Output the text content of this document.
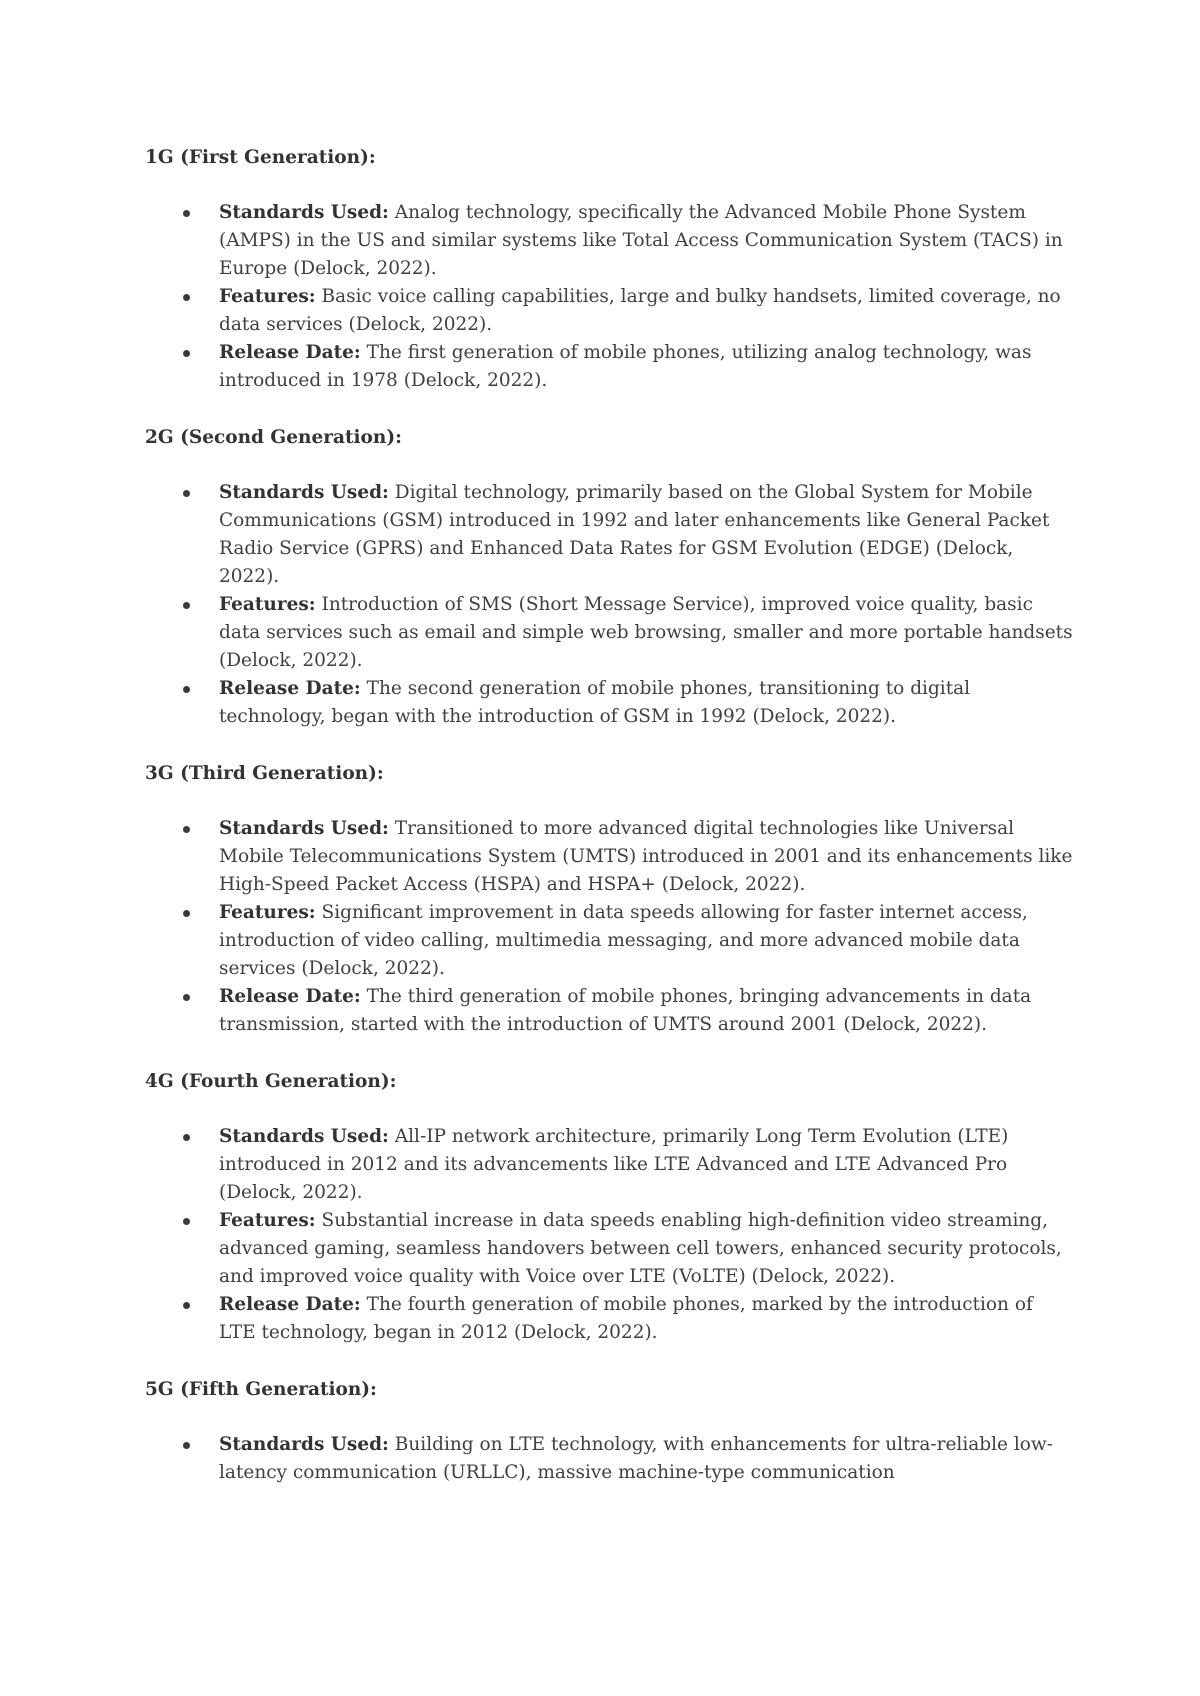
1G (First Generation):

Standards Used: Analog technology, specifically the Advanced Mobile Phone System (AMPS) in the US and similar systems like Total Access Communication System (TACS) in Europe (Delock, 2022).
Features: Basic voice calling capabilities, large and bulky handsets, limited coverage, no data services (Delock, 2022).
Release Date: The first generation of mobile phones, utilizing analog technology, was introduced in 1978 (Delock, 2022).

2G (Second Generation):

Standards Used: Digital technology, primarily based on the Global System for Mobile Communications (GSM) introduced in 1992 and later enhancements like General Packet Radio Service (GPRS) and Enhanced Data Rates for GSM Evolution (EDGE) (Delock, 2022).
Features: Introduction of SMS (Short Message Service), improved voice quality, basic data services such as email and simple web browsing, smaller and more portable handsets (Delock, 2022).
Release Date: The second generation of mobile phones, transitioning to digital technology, began with the introduction of GSM in 1992 (Delock, 2022).

3G (Third Generation):

Standards Used: Transitioned to more advanced digital technologies like Universal Mobile Telecommunications System (UMTS) introduced in 2001 and its enhancements like High-Speed Packet Access (HSPA) and HSPA+ (Delock, 2022).
Features: Significant improvement in data speeds allowing for faster internet access, introduction of video calling, multimedia messaging, and more advanced mobile data services (Delock, 2022).
Release Date: The third generation of mobile phones, bringing advancements in data transmission, started with the introduction of UMTS around 2001 (Delock, 2022).

4G (Fourth Generation):

Standards Used: All-IP network architecture, primarily Long Term Evolution (LTE) introduced in 2012 and its advancements like LTE Advanced and LTE Advanced Pro (Delock, 2022).
Features: Substantial increase in data speeds enabling high-definition video streaming, advanced gaming, seamless handovers between cell towers, enhanced security protocols, and improved voice quality with Voice over LTE (VoLTE) (Delock, 2022).
Release Date: The fourth generation of mobile phones, marked by the introduction of LTE technology, began in 2012 (Delock, 2022).

5G (Fifth Generation):

Standards Used: Building on LTE technology, with enhancements for ultra-reliable low-latency communication (URLLC), massive machine-type communication
